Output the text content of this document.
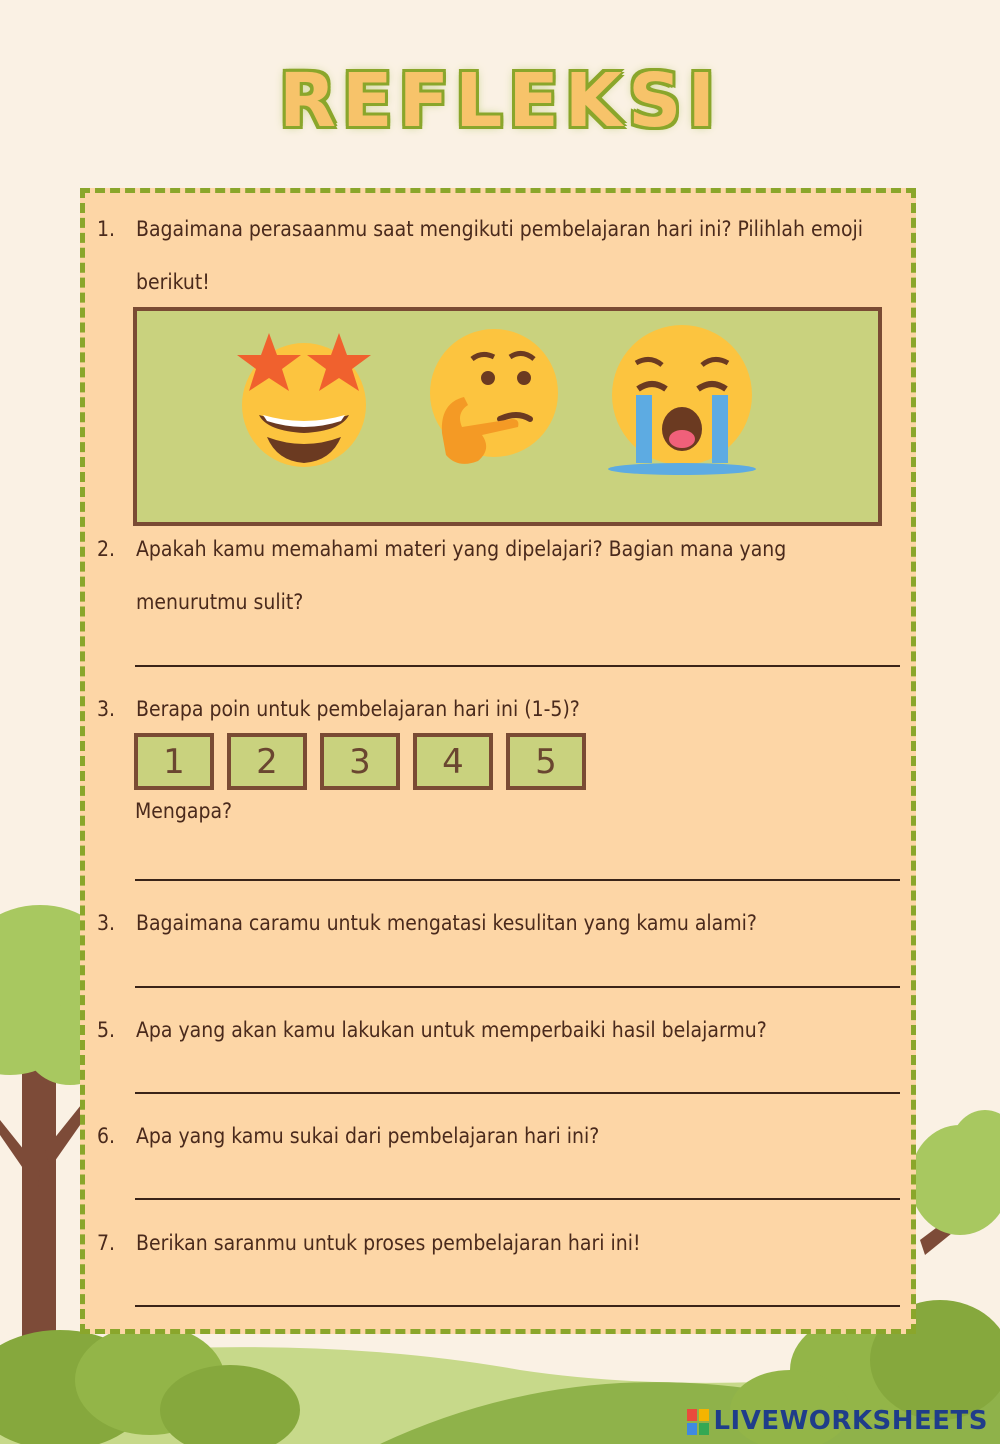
REFLEKSI
1. Bagaimana perasaanmu saat mengikuti pembelajaran hari ini? Pilihlah emoji berikut!
2. Apakah kamu memahami materi yang dipelajari? Bagian mana yang menurutmu sulit?
3. Berapa poin untuk pembelajaran hari ini (1-5)?
1	2	3	4	5
Mengapa?
3. Bagaimana caramu untuk mengatasi kesulitan yang kamu alami?
5. Apa yang akan kamu lakukan untuk memperbaiki hasil belajarmu?
6. Apa yang kamu sukai dari pembelajaran hari ini?
7. Berikan saranmu untuk proses pembelajaran hari ini!
LIVEWORKSHEETS
